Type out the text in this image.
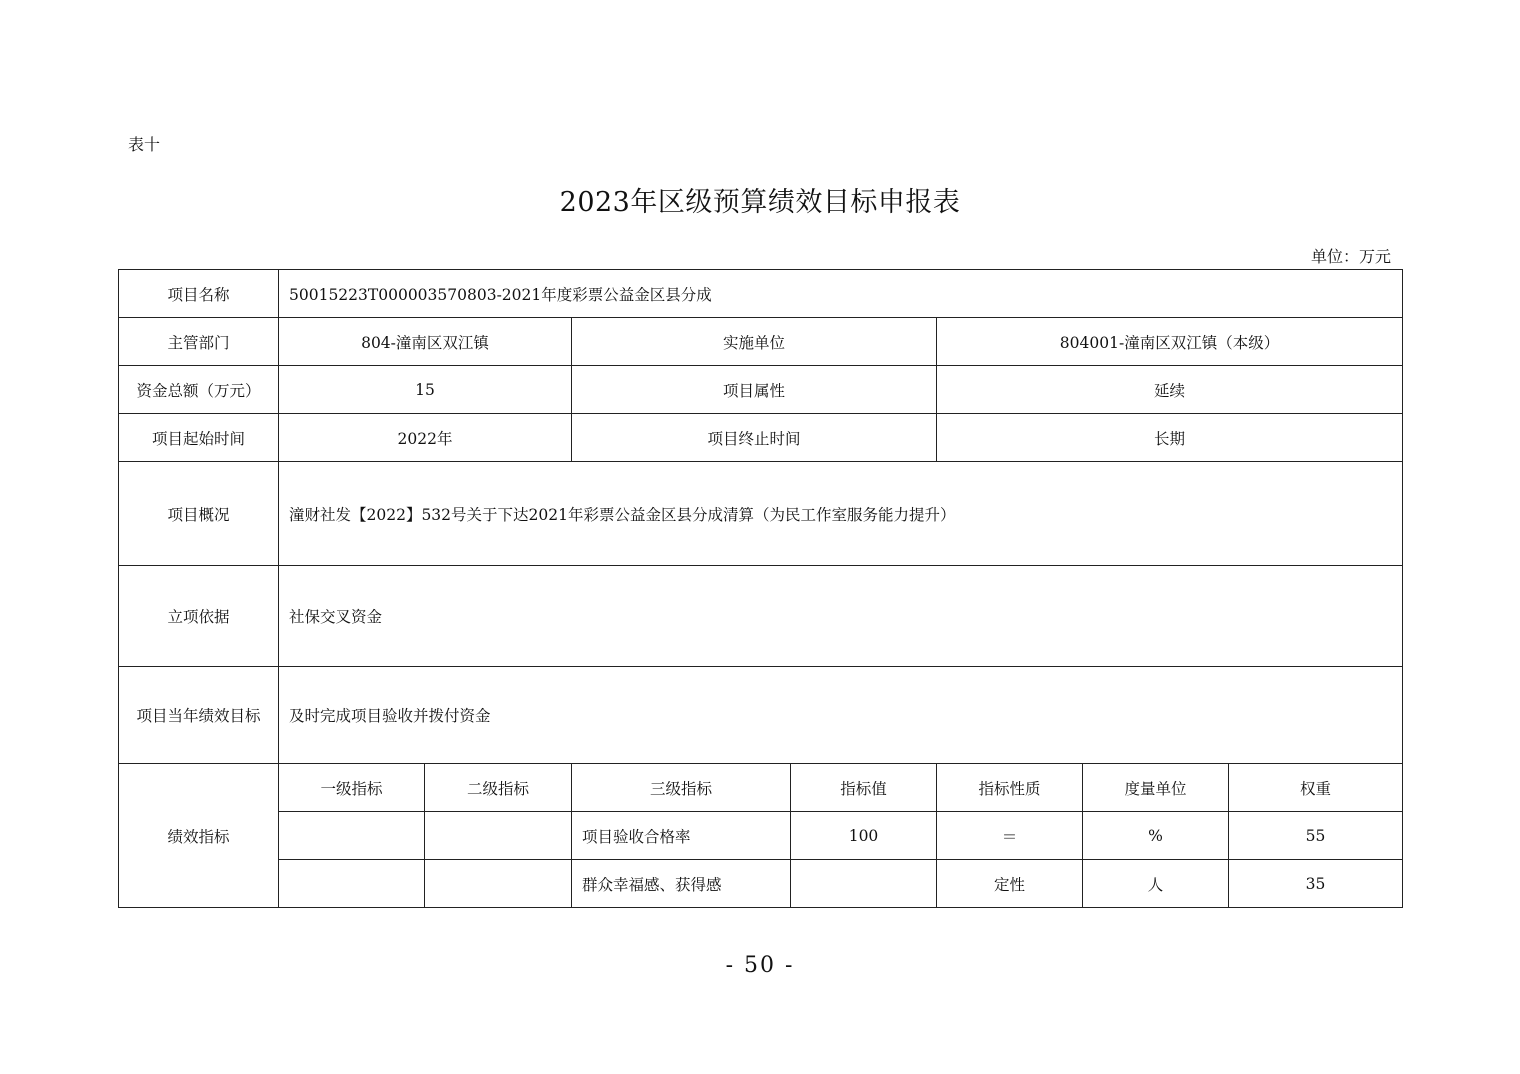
表十
2023年区级预算绩效目标申报表
单位：万元
项目名称	50015223T000003570803-2021年度彩票公益金区县分成						
主管部门	804-潼南区双江镇		实施单位		804001-潼南区双江镇（本级）		
资金总额（万元）	15		项目属性		延续		
项目起始时间	2022年		项目终止时间		长期		
项目概况	潼财社发【2022】532号关于下达2021年彩票公益金区县分成清算（为民工作室服务能力提升）						
立项依据	社保交叉资金						
项目当年绩效目标	及时完成项目验收并拨付资金						
绩效指标	一级指标	二级指标	三级指标	指标值	指标性质	度量单位	权重
			项目验收合格率	100	＝	%	55
			群众幸福感、获得感		定性	人	35
- 50 -
